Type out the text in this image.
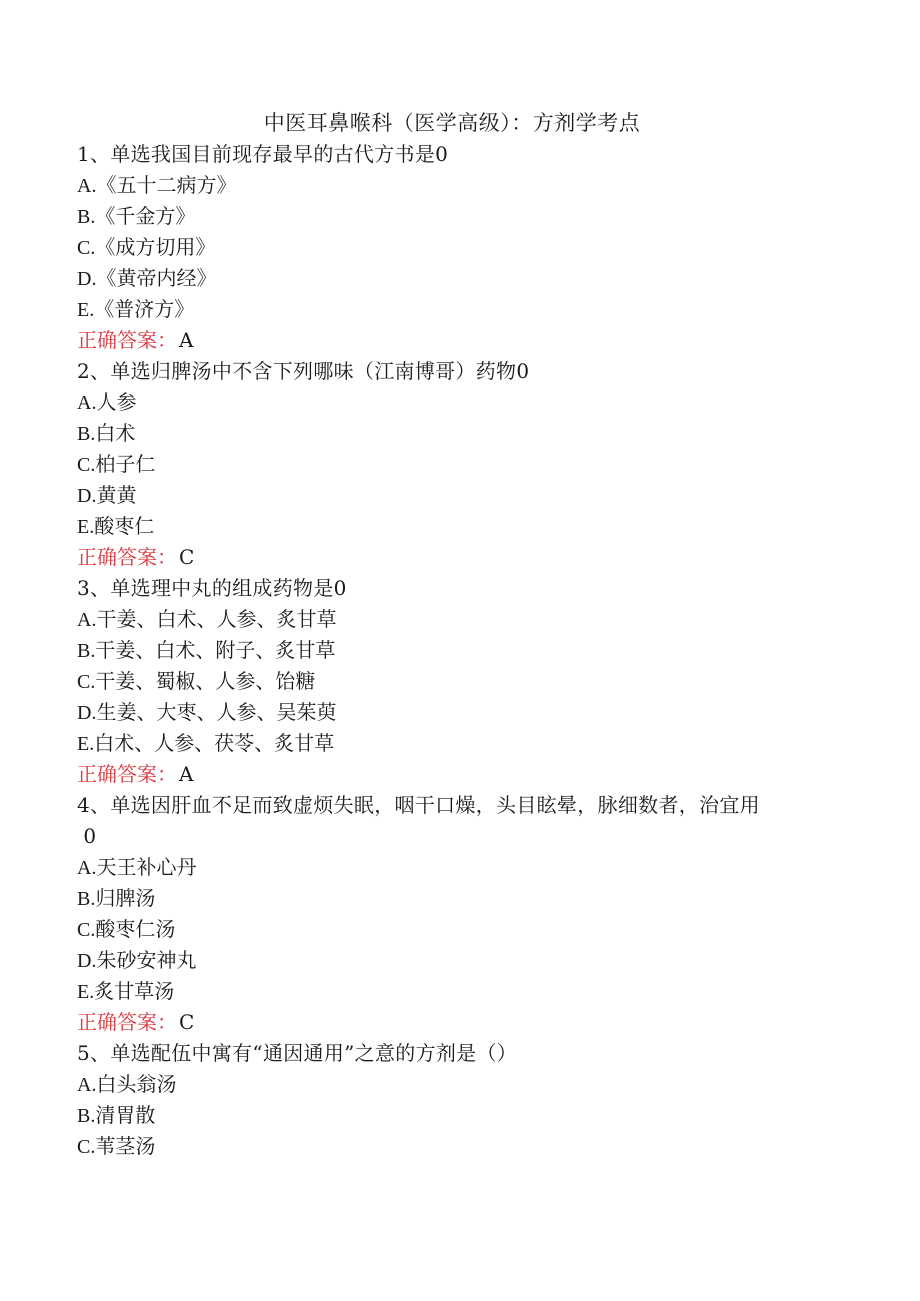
中医耳鼻喉科（医学高级）：方剂学考点
1、单选我国目前现存最早的古代方书是0
A.《五十二病方》
B.《千金方》
C.《成方切用》
D.《黄帝内经》
E.《普济方》
正确答案： A
2、单选归脾汤中不含下列哪味（江南博哥）药物0
A.人参
B.白术
C.柏子仁
D.黄黄
E.酸枣仁
正确答案： C
3、单选理中丸的组成药物是0
A.干姜、白术、人参、炙甘草
B.干姜、白术、附子、炙甘草
C.干姜、蜀椒、人参、饴糖
D.生姜、大枣、人参、吴茱萸
E.白术、人参、茯苓、炙甘草
正确答案： A
4、单选因肝血不足而致虚烦失眠，咽干口燥，头目眩晕，脉细数者，治宜用
0
A.天王补心丹
B.归脾汤
C.酸枣仁汤
D.朱砂安神丸
E.炙甘草汤
正确答案： C
5、单选配伍中寓有“通因通用”之意的方剂是（）
A.白头翁汤
B.清胃散
C.苇茎汤
